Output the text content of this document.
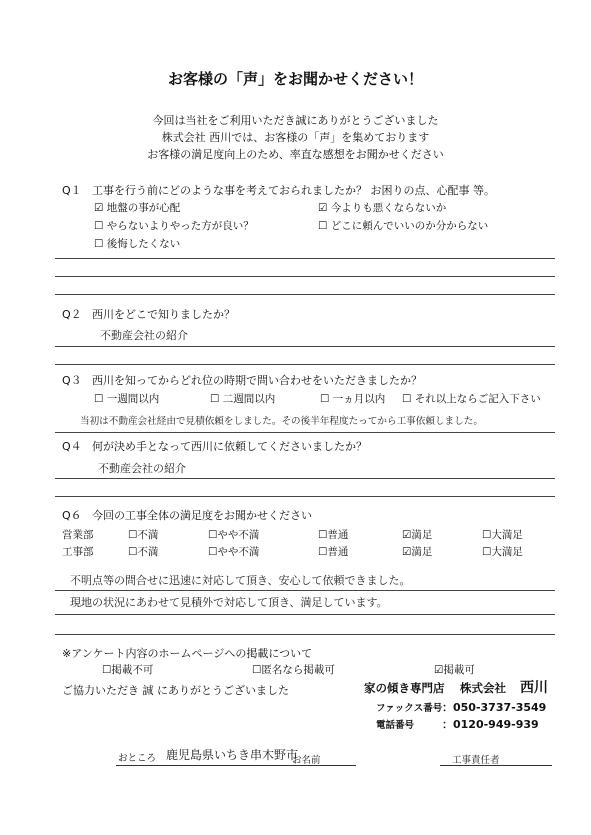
お客様の「声」をお聞かせください！
今回は当社をご利用いただき誠にありがとうございました
株式会社 西川では、お客様の「声」を集めております
お客様の満足度向上のため、率直な感想をお聞かせください
Q１ 工事を行う前にどのような事を考えておられましたか？ お困りの点、心配事 等。
☑ 地盤の事が心配	☑ 今よりも悪くならないか
☐ やらないよりやった方が良い？	☐ どこに頼んでいいのか分からない
☐ 後悔したくない
Q２ 西川をどこで知りましたか？
不動産会社の紹介
Q３ 西川を知ってからどれ位の時期で問い合わせをいただきましたか？
☐ 一週間以内	☐ 二週間以内	☐ 一ヵ月以内 ☐ それ以上ならご記入下さい
当初は不動産会社経由で見積依頼をしました。その後半年程度たってから工事依頼しました。
Q４ 何が決め手となって西川に依頼してくださいましたか？
不動産会社の紹介
Q６ 今回の工事全体の満足度をお聞かせください
営業部	☐不満	☐やや不満	☐普通	☑満足	☐大満足
工事部	☐不満	☐やや不満	☐普通	☑満足	☐大満足
不明点等の問合せに迅速に対応して頂き、安心して依頼できました。
現地の状況にあわせて見積外で対応して頂き、満足しています。
※アンケート内容のホームページへの掲載について
☐掲載不可	☐匿名なら掲載可	☑掲載可
ご協力いただき 誠 にありがとうございました	家の傾き専門店 株式会社 西川
ファックス番号 ：050-3737-3549
電話番号	：0120-949-939
おところ 鹿児島県いちき串木野市
お名前	工事責任者
